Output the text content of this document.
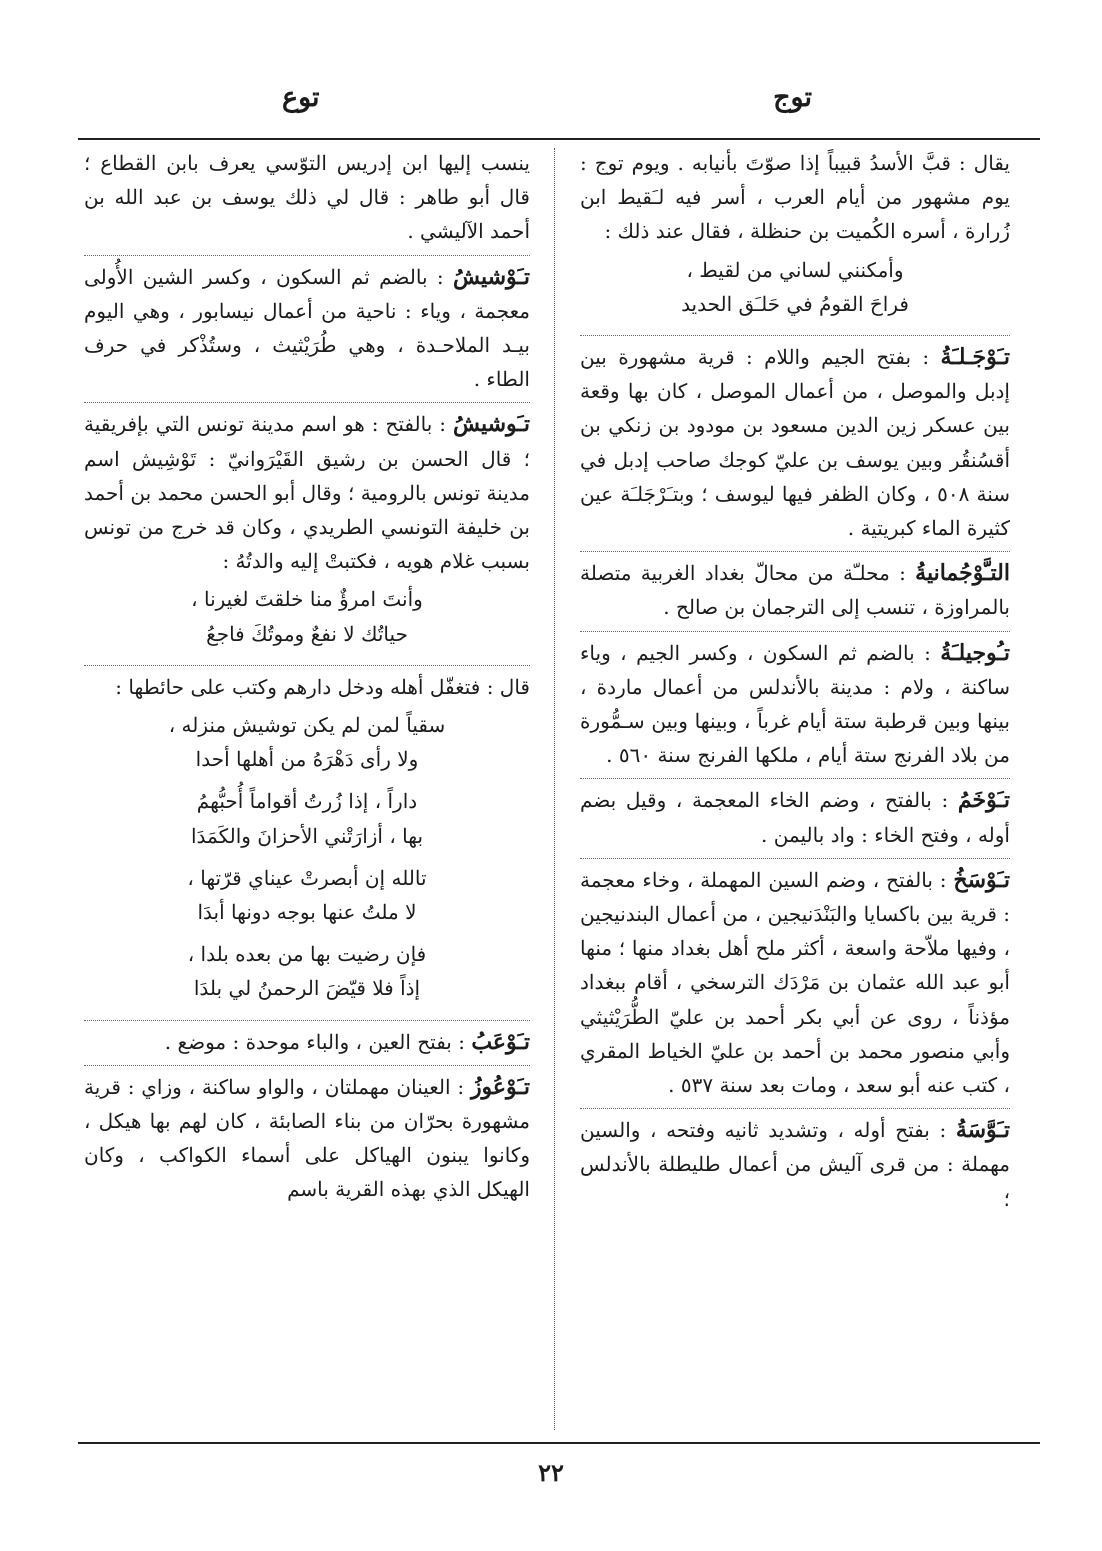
توج
توع
يقال : قبَّ الأسدُ قبيباً إذا صوّتَ بأنيابه . ويوم توج : يوم مشهور من أيام العرب ، أسر فيه لـَقيط ابن زُرارة ، أسره الكُميت بن حنظلة ، فقال عند ذلك :
وأمكنني لساني من لقيط ،
فراحَ القومُ في حَلـَق الحديد
تـَوْجَـلـَةُ : بفتح الجيم واللام : قرية مشهورة بين إدبل والموصل ، من أعمال الموصل ، كان بها وقعة بين عسكر زين الدين مسعود بن مودود بن زنكي بن أقسُنقُر وبين يوسف بن عليّ كوجك صاحب إدبل في سنة ٥٠٨ ، وكان الظفر فيها ليوسف ؛ وبتـَرْجَلـَة عين كثيرة الماء كبريتية .
التـَّوْجُمانيةُ : محلـّة من محالّ بغداد الغربية متصلة بالمراوزة ، تنسب إلى الترجمان بن صالح .
تـُوجيلـَةُ : بالضم ثم السكون ، وكسر الجيم ، وياء ساكنة ، ولام : مدينة بالأندلس من أعمال ماردة ، بينها وبين قرطبة ستة أيام غرباً ، وبينها وبين سـمُّورة من بلاد الفرنج ستة أيام ، ملكها الفرنج سنة ٥٦٠ .
تـَوْخَمُ : بالفتح ، وضم الخاء المعجمة ، وقيل بضم أوله ، وفتح الخاء : واد باليمن .
تـَوْسَخُ : بالفتح ، وضم السين المهملة ، وخاء معجمة : قرية بين باكسايا والبَنْدَنيجين ، من أعمال البندنيجين ، وفيها ملاّحة واسعة ، أكثر ملح أهل بغداد منها ؛ منها أبو عبد الله عثمان بن مَرْدَك الترسخي ، أقام ببغداد مؤذناً ، روى عن أبي بكر أحمد بن عليّ الطُّرَيْثيثي وأبي منصور محمد بن أحمد بن عليّ الخياط المقري ، كتب عنه أبو سعد ، ومات بعد سنة ٥٣٧ .
تـَوَّسَةُ : بفتح أوله ، وتشديد ثانيه وفتحه ، والسين مهملة : من قرى آليش من أعمال طليطلة بالأندلس ؛
ينسب إليها ابن إدريس التوّسي يعرف بابن القطاع ؛ قال أبو طاهر : قال لي ذلك يوسف بن عبد الله بن أحمد الآليشي .
تـَوْشيشُ : بالضم ثم السكون ، وكسر الشين الأُولى معجمة ، وياء : ناحية من أعمال نيسابور ، وهي اليوم بيـد الملاحـدة ، وهي طُرَيْثيث ، وستُذْكر في حرف الطاء .
تـَوشيشُ : بالفتح : هو اسم مدينة تونس التي بإفريقية ؛ قال الحسن بن رشيق القَيْرَوانيّ : تَوْشِيش اسم مدينة تونس بالرومية ؛ وقال أبو الحسن محمد بن أحمد بن خليفة التونسي الطريدي ، وكان قد خرج من تونس بسبب غلام هويه ، فكتبتْ إليه والدتُهُ :
وأنتَ امرؤٌ منا خلقتَ لغيرنا ،
حياتُك لا نفعٌ وموتُكَ فاجعُ
قال : فتغفّل أهله ودخل دارهم وكتب على حائطها :
سقياً لمن لم يكن توشيش منزله ،
ولا رأى دَهْرَهُ من أهلها أحدا
داراً ، إذا زُرتُ أقواماً أُحبُّهمُ
بها ، أزارَتْني الأحزانَ والكَمَدَا
تالله إن أبصرتْ عيناي قرّتها ،
لا ملتُ عنها بوجه دونها أبدَا
فإن رضيت بها من بعده بلدا ،
إذاً فلا قيّضَ الرحمنُ لي بلدَا
تـَوْعَبُ : بفتح العين ، والباء موحدة : موضع .
تـَوْعُوزُ : العينان مهملتان ، والواو ساكنة ، وزاي : قرية مشهورة بحرّان من بناء الصابئة ، كان لهم بها هيكل ، وكانوا يبنون الهياكل على أسماء الكواكب ، وكان الهيكل الذي بهذه القرية باسم
٢٢
